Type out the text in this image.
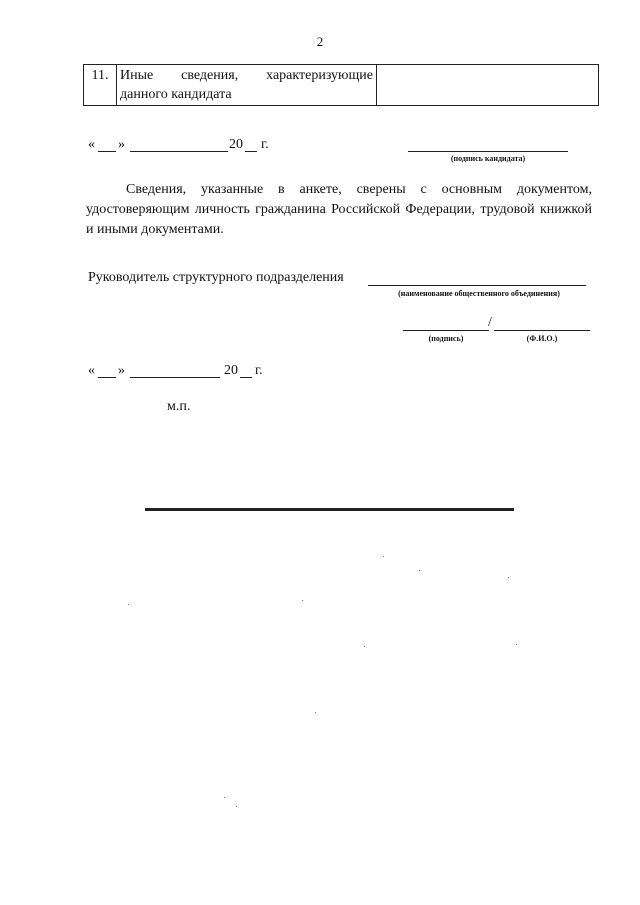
2
11.	Иные сведения, характеризующие данного кандидата	
« »	20 г.
(подпись кандидата)
Сведения, указанные в анкете, сверены с основным документом, удостоверяющим личность гражданина Российской Федерации, трудовой книжкой и иными документами.
Руководитель структурного подразделения
(наименование общественного объединения)
/
(подпись)	(Ф.И.О.)
« »	20 г.
м.п.
